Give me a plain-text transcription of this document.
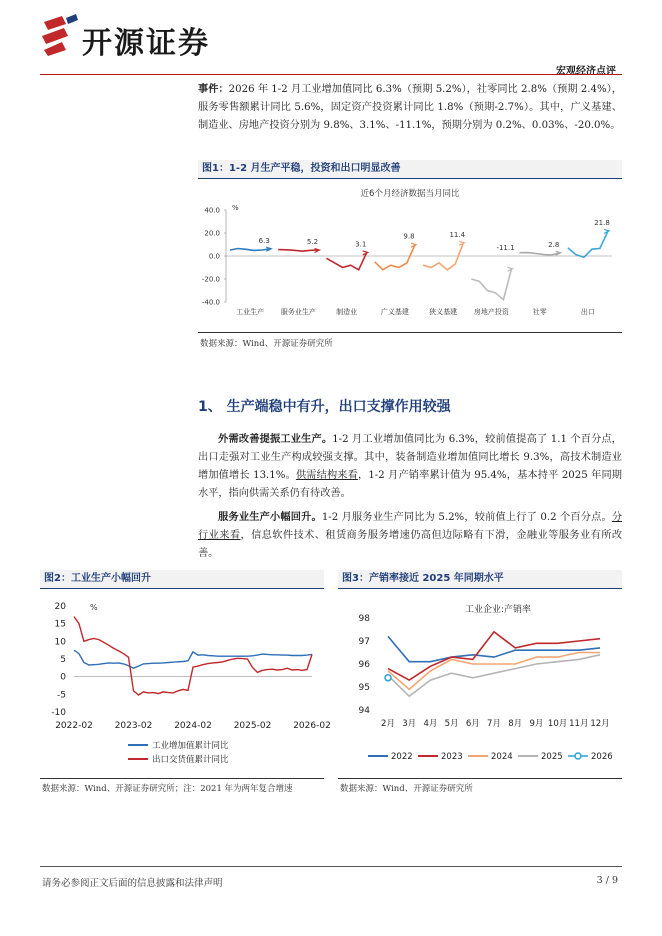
开源证券
宏观经济点评
事件：2026 年 1-2 月工业增加值同比 6.3%（预期 5.2%），社零同比 2.8%（预期 2.4%），服务零售额累计同比 5.6%，固定资产投资累计同比 1.8%（预期-2.7%）。其中，广义基建、制造业、房地产投资分别为 9.8%、3.1%、-11.1%，预期分别为 0.2%、0.03%、-20.0%。
图1：1-2 月生产平稳，投资和出口明显改善
近6个月经济数据当月同比
%
40.0
20.0
0.0
-20.0
-40.0
工业生产 服务业生产	制造业	广义基建	狭义基建 房地产投资	社零	出口
6.3	5.2	3.1
9.8	11.4
-11.1	2.8
21.8
数据来源：Wind、开源证券研究所
1、 生产端稳中有升，出口支撑作用较强
外需改善提振工业生产。1-2 月工业增加值同比为 6.3%，较前值提高了 1.1 个百分点，出口走强对工业生产构成较强支撑。其中，装备制造业增加值同比增长 9.3%，高技术制造业增加值增长 13.1%。供需结构来看，1-2 月产销率累计值为 95.4%，基本持平 2025 年同期水平，指向供需关系仍有待改善。
服务业生产小幅回升。1-2 月服务业生产同比为 5.2%，较前值上行了 0.2 个百分点。分行业来看，信息软件技术、租赁商务服务增速仍高但边际略有下滑，金融业等服务业有所改善。
图2：工业生产小幅回升
20
15
10
5
0
-5
-10
%
2022-02 2023-02 2024-02 2025-02 2026-02
工业增加值累计同比
出口交货值累计同比
数据来源：Wind、开源证券研究所；注：2021 年为两年复合增速
图3：产销率接近 2025 年同期水平
工业企业:产销率
98
97
96
95
94
2月 3月 4月 5月 6月 7月 8月 9月 10月 11月 12月
2022	2023	2024	2025	2026
数据来源：Wind、开源证券研究所
请务必参阅正文后面的信息披露和法律声明	3 / 9
